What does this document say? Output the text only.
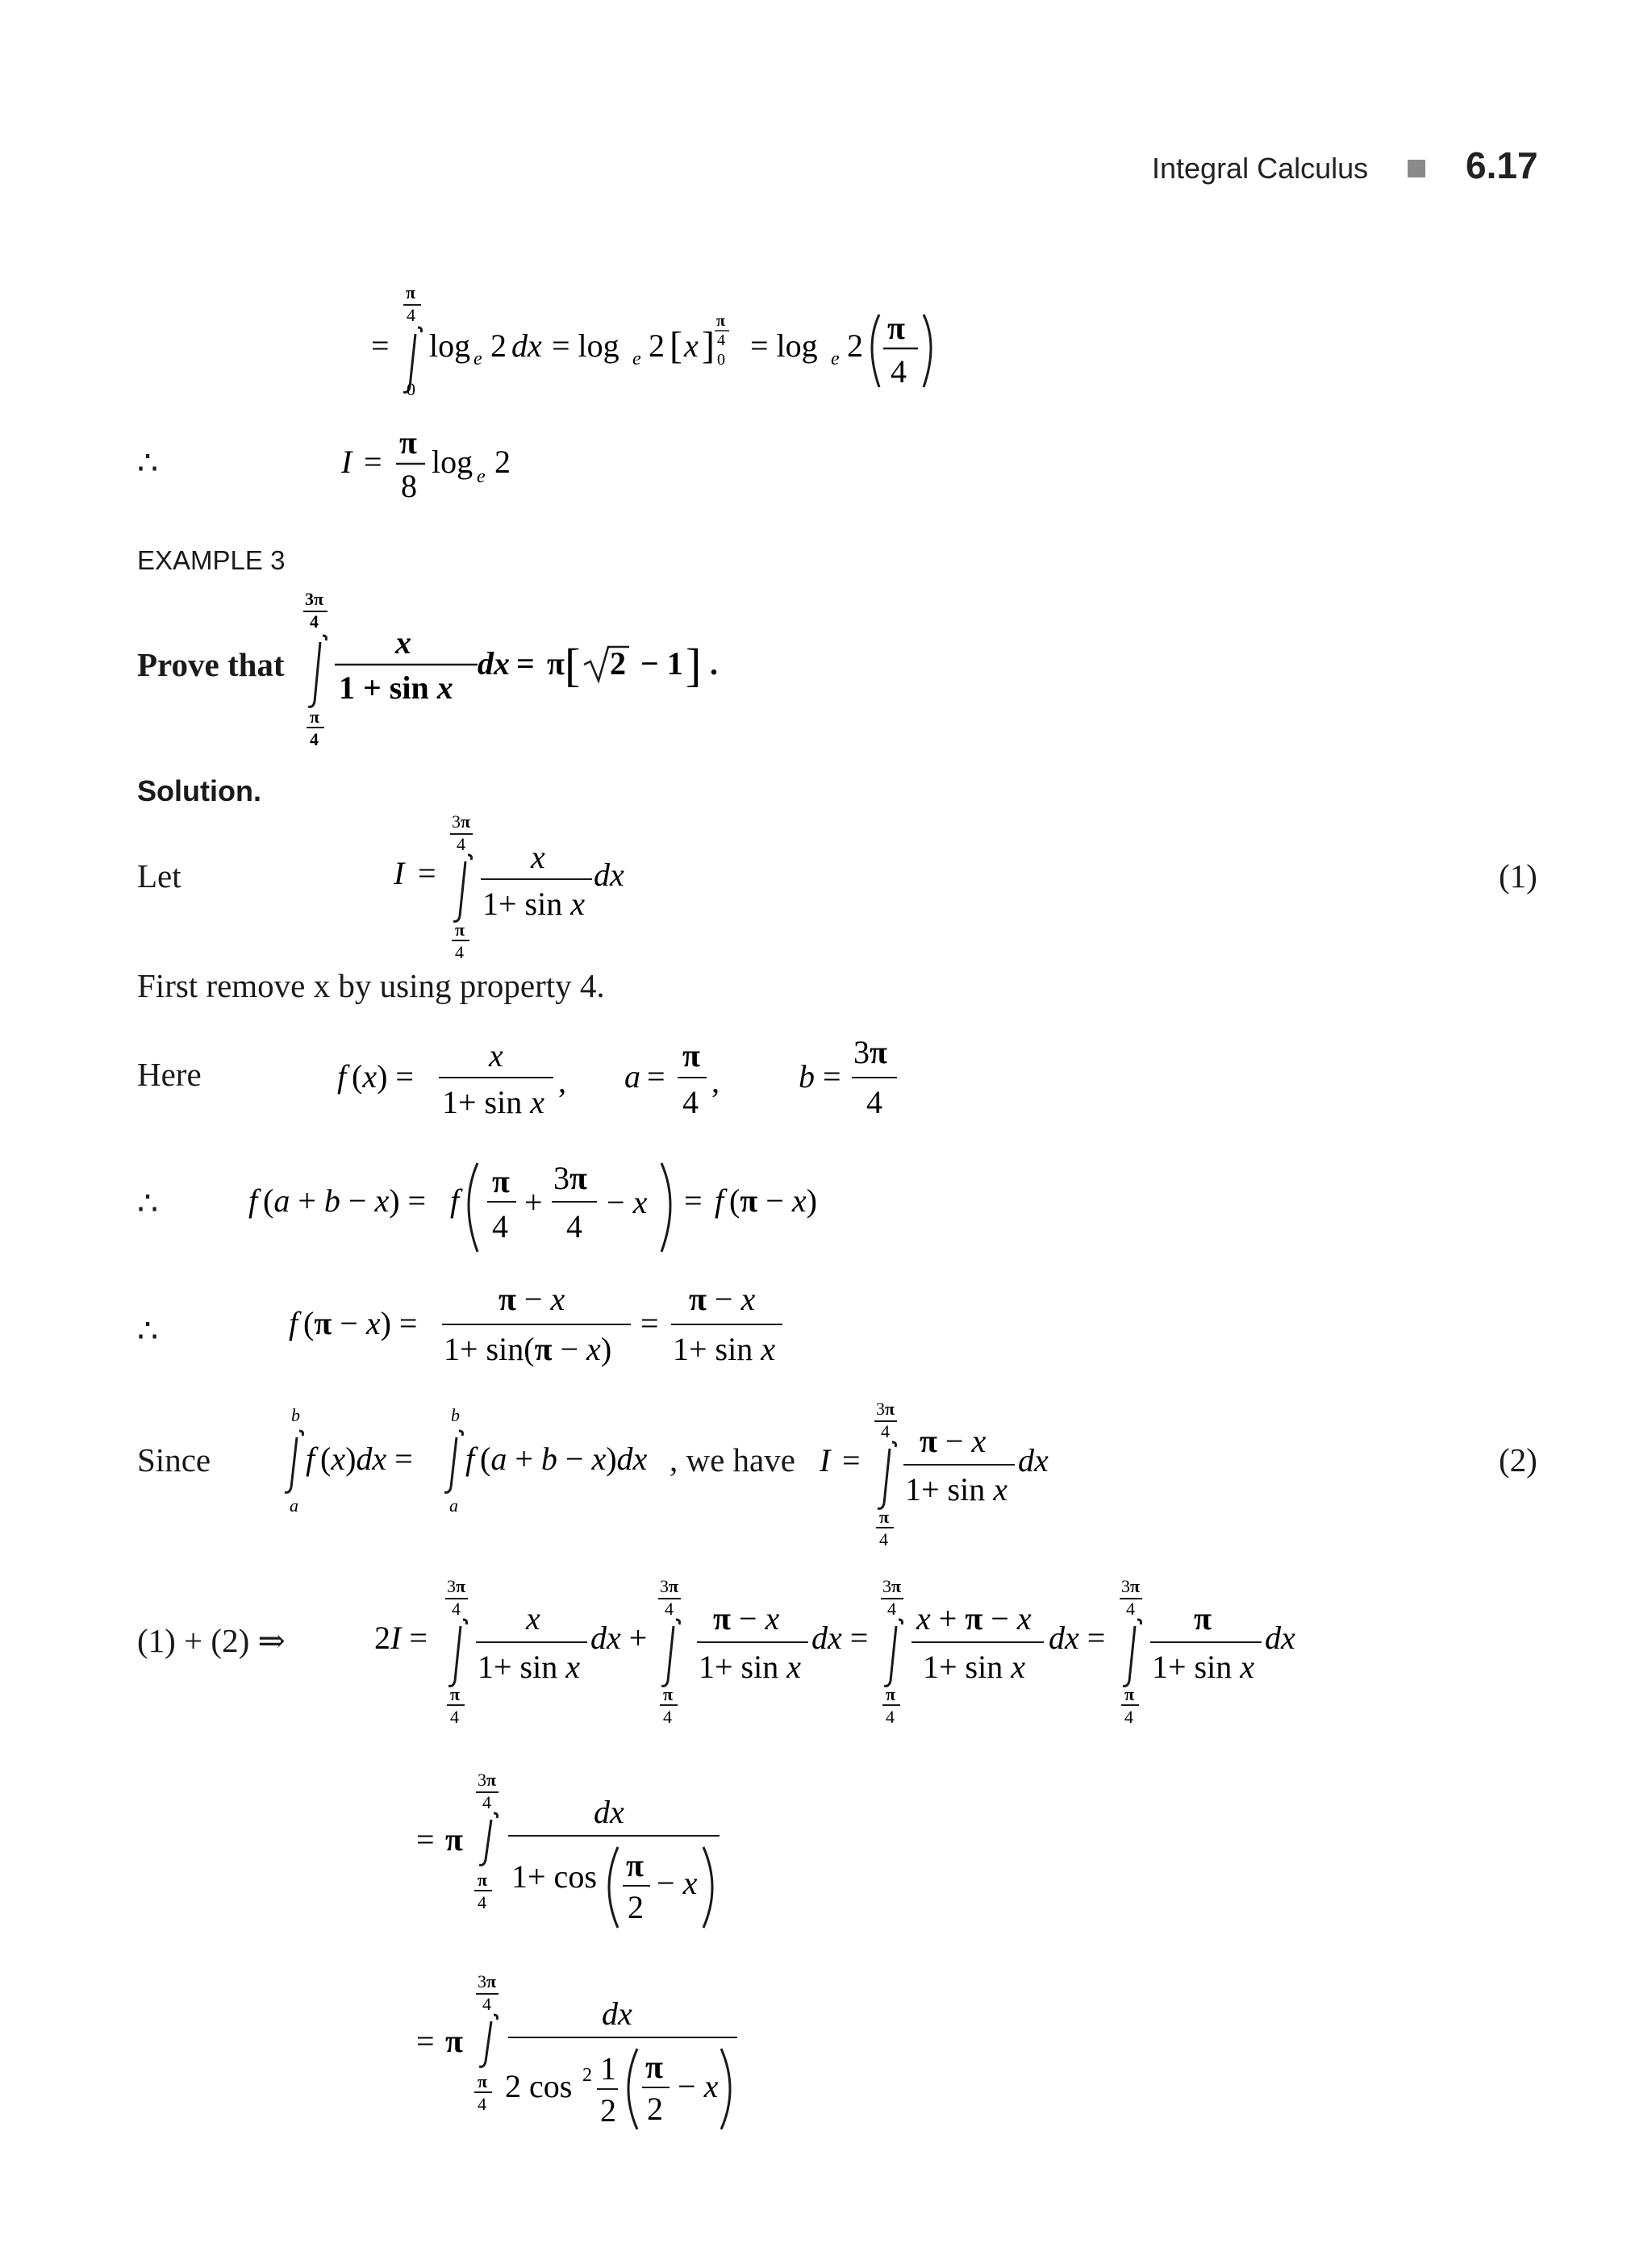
Integral Calculus	6.17
=
π
4
0
log e 2 dx = log e 2 [ x ]
π
4
0 = log e 2 π
4
∴	I =
π
8
log e 2
EXAMPLE 3
Prove that
3π
4
π
4
x
1 + sin x
dx = π [ 2 − 1 ] .
Solution.
Let	I =
3π
4
π
4
x
1+ sin x
dx	(1)
First remove x by using property 4.
Here	f (x) =
x
1+ sin x
, a =
π
4
, b =
3π
4
∴	f (a + b − x) = f
π
4
+
3π
4
− x = f (π − x)
∴	f (π − x) =
π − x
1+ sin(π − x)
=
π − x
1+ sin x
Since
b
a
f (x)dx =
b
a
f (a + b − x)dx , we have I =
3π
4
π
4
π − x
1+ sin x
dx	(2)
(1) + (2) ⇒	2I =
3π
4
π
4
x
1+ sin x
dx +
3π
4
π
4
π − x
1+ sin x
dx =
3π
4
π
4
x + π − x
1+ sin x
dx =
3π
4
π
4
π
1+ sin x
dx
= π
3π
4
π
4
dx
1+ cos π
2
− x
= π
3π
4
π
4
dx
2 cos 2 1
2
π
2
− x
